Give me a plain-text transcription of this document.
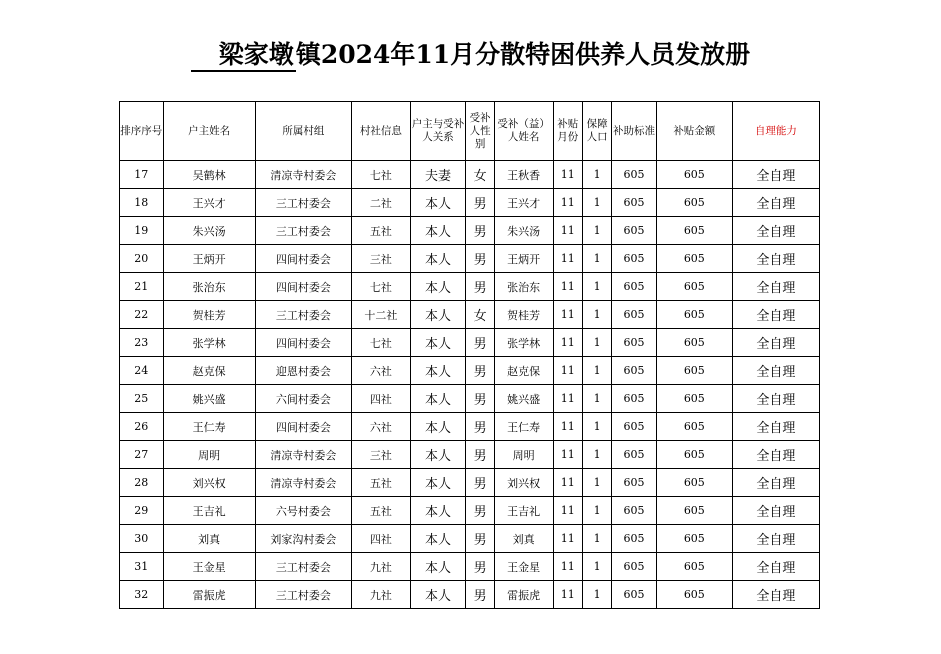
梁家墩镇2024年11月分散特困供养人员发放册
排序序号	户主姓名	所属村组	村社信息	户主与受补人关系	受补人性别	受补（益）人姓名	补贴月份	保障人口	补助标准	补贴金额	自理能力
17	吴鹤林	清凉寺村委会	七社	夫妻	女	王秋香	11	1	605	605	全自理
18	王兴才	三工村委会	二社	本人	男	王兴才	11	1	605	605	全自理
19	朱兴汤	三工村委会	五社	本人	男	朱兴汤	11	1	605	605	全自理
20	王炳开	四间村委会	三社	本人	男	王炳开	11	1	605	605	全自理
21	张治东	四间村委会	七社	本人	男	张治东	11	1	605	605	全自理
22	贺桂芳	三工村委会	十二社	本人	女	贺桂芳	11	1	605	605	全自理
23	张学林	四间村委会	七社	本人	男	张学林	11	1	605	605	全自理
24	赵克保	迎恩村委会	六社	本人	男	赵克保	11	1	605	605	全自理
25	姚兴盛	六间村委会	四社	本人	男	姚兴盛	11	1	605	605	全自理
26	王仁寿	四间村委会	六社	本人	男	王仁寿	11	1	605	605	全自理
27	周明	清凉寺村委会	三社	本人	男	周明	11	1	605	605	全自理
28	刘兴权	清凉寺村委会	五社	本人	男	刘兴权	11	1	605	605	全自理
29	王吉礼	六号村委会	五社	本人	男	王吉礼	11	1	605	605	全自理
30	刘真	刘家沟村委会	四社	本人	男	刘真	11	1	605	605	全自理
31	王金星	三工村委会	九社	本人	男	王金星	11	1	605	605	全自理
32	雷振虎	三工村委会	九社	本人	男	雷振虎	11	1	605	605	全自理
